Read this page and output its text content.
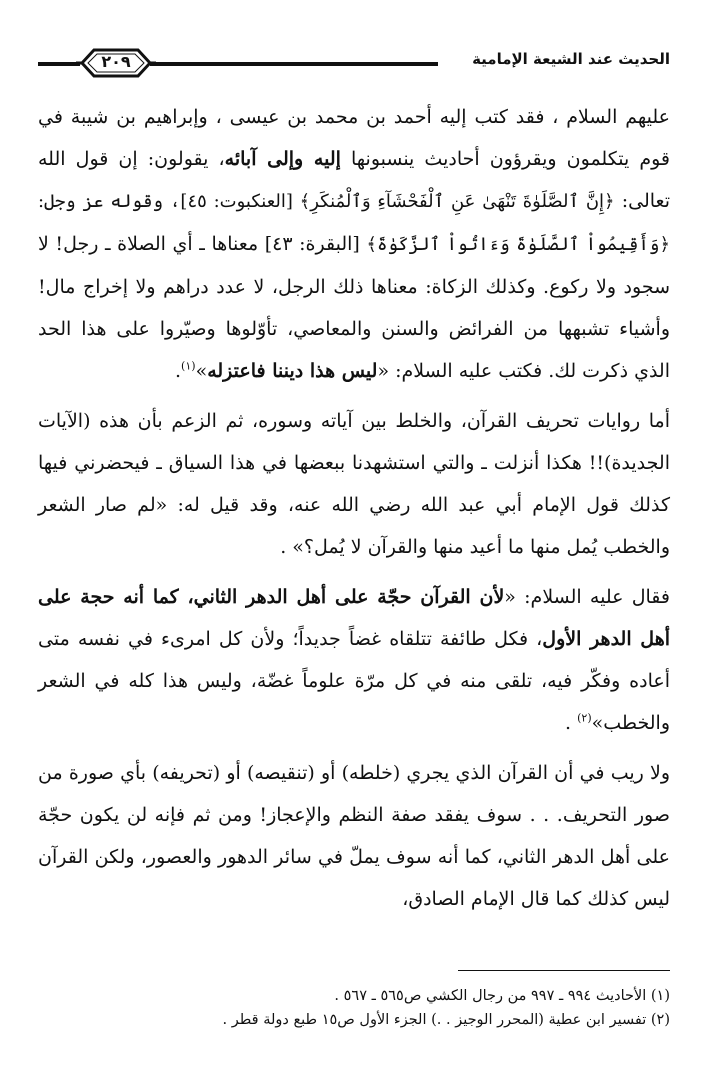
الحديث عند الشيعة الإمامية
٢٠٩

عليهم السلام ، فقد كتب إليه أحمد بن محمد بن عيسى ، وإبراهيم بن شيبة في قوم يتكلمون ويقرؤون أحاديث ينسبونها إليه وإلى آبائه، يقولون: إن قول الله تعالى: ﴿إِنَّ ٱلصَّلَوٰةَ تَنْهَىٰ عَنِ ٱلْفَحْشَآءِ وَٱلْمُنكَرِ﴾ [العنكبوت: ٤٥]، وقوله عز وجل: ﴿وَأَقِيمُواْ ٱلصَّلَوٰةَ وَءَاتُواْ ٱلزَّكَوٰةَ﴾ [البقرة: ٤٣] معناها ـ أي الصلاة ـ رجل! لا سجود ولا ركوع. وكذلك الزكاة: معناها ذلك الرجل، لا عدد دراهم ولا إخراج مال! وأشياء تشبهها من الفرائض والسنن والمعاصي، تأوّلوها وصيّروا على هذا الحد الذي ذكرت لك. فكتب عليه السلام: «ليس هذا ديننا فاعتزله»$^{(١)}$.

أما روايات تحريف القرآن، والخلط بين آياته وسوره، ثم الزعم بأن هذه (الآيات الجديدة)!! هكذا أنزلت ـ والتي استشهدنا ببعضها في هذا السياق ـ فيحضرني فيها كذلك قول الإمام أبي عبد الله رضي الله عنه، وقد قيل له: «لم صار الشعر والخطب يُمل منها ما أعيد منها والقرآن لا يُمل؟» .

فقال عليه السلام: «لأن القرآن حجّة على أهل الدهر الثاني، كما أنه حجة على أهل الدهر الأول، فكل طائفة تتلقاه غضاً جديداً؛ ولأن كل امرىء في نفسه متى أعاده وفكّر فيه، تلقى منه في كل مرّة علوماً غضّة، وليس هذا كله في الشعر والخطب»$^{(٢)}$ .

ولا ريب في أن القرآن الذي يجري (خلطه) أو (تنقيصه) أو (تحريفه) بأي صورة من صور التحريف. . . سوف يفقد صفة النظم والإعجاز! ومن ثم فإنه لن يكون حجّة على أهل الدهر الثاني، كما أنه سوف يملّ في سائر الدهور والعصور، ولكن القرآن ليس كذلك كما قال الإمام الصادق،

(١) الأحاديث ٩٩٤ ـ ٩٩٧ من رجال الكشي ص٥٦٥ ـ ٥٦٧ .

(٢) تفسير ابن عطية (المحرر الوجيز . .) الجزء الأول ص١٥ طبع دولة قطر .
